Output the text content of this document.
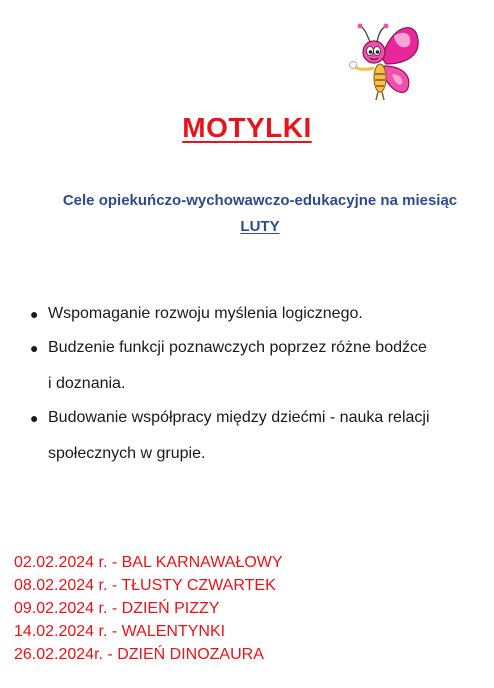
MOTYLKI
Cele opiekuńczo-wychowawczo-edukacyjne na miesiąc
LUTY
● Wspomaganie rozwoju myślenia logicznego.
● Budzenie funkcji poznawczych poprzez różne bodźce
i doznania.
● Budowanie współpracy między dziećmi - nauka relacji
społecznych w grupie.
02.02.2024 r. - BAL KARNAWAŁOWY
08.02.2024 r. - TŁUSTY CZWARTEK
09.02.2024 r. - DZIEŃ PIZZY
14.02.2024 r. - WALENTYNKI
26.02.2024r. - DZIEŃ DINOZAURA
